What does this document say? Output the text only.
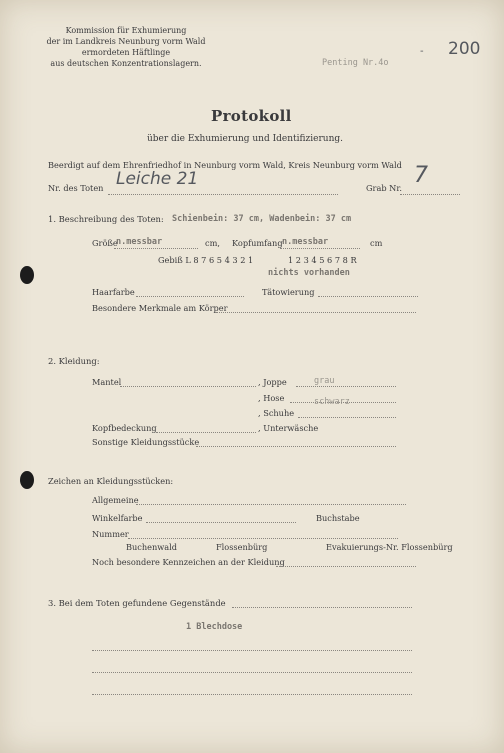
Kommission für Exhumierung
der im Landkreis Neunburg vorm Wald
ermordeten Häftlinge
aus deutschen Konzentrationslagern.	Penting Nr.4o
200
-
Protokoll
über die Exhumierung und Identifizierung.
Beerdigt auf dem Ehrenfriedhof in Neunburg vorm Wald, Kreis Neunburg vorm Wald
Nr. des Toten Leiche 21	Grab Nr. 7
1. Beschreibung des Toten: Schienbein: 37 cm, Wadenbein: 37 cm
Größe
n.messbar	cm, Kopfumfang n.messbar	cm
Gebiß L 8 7 6 5 4 3 2 1	1 2 3 4 5 6 7 8 R
nichts vorhanden
Haarfarbe	Tätowierung
Besondere Merkmale am Körper
2. Kleidung:
Mantel	, Joppe	grau
, Hose	schwarz
, Schuhe
Kopfbedeckung	, Unterwäsche
Sonstige Kleidungsstücke
Zeichen an Kleidungsstücken:
Allgemeine
Winkelfarbe	Buchstabe
Nummer
Buchenwald	Flossenbürg	Evakuierungs-Nr. Flossenbürg
Noch besondere Kennzeichen an der Kleidung
3. Bei dem Toten gefundene Gegenstände
1 Blechdose
